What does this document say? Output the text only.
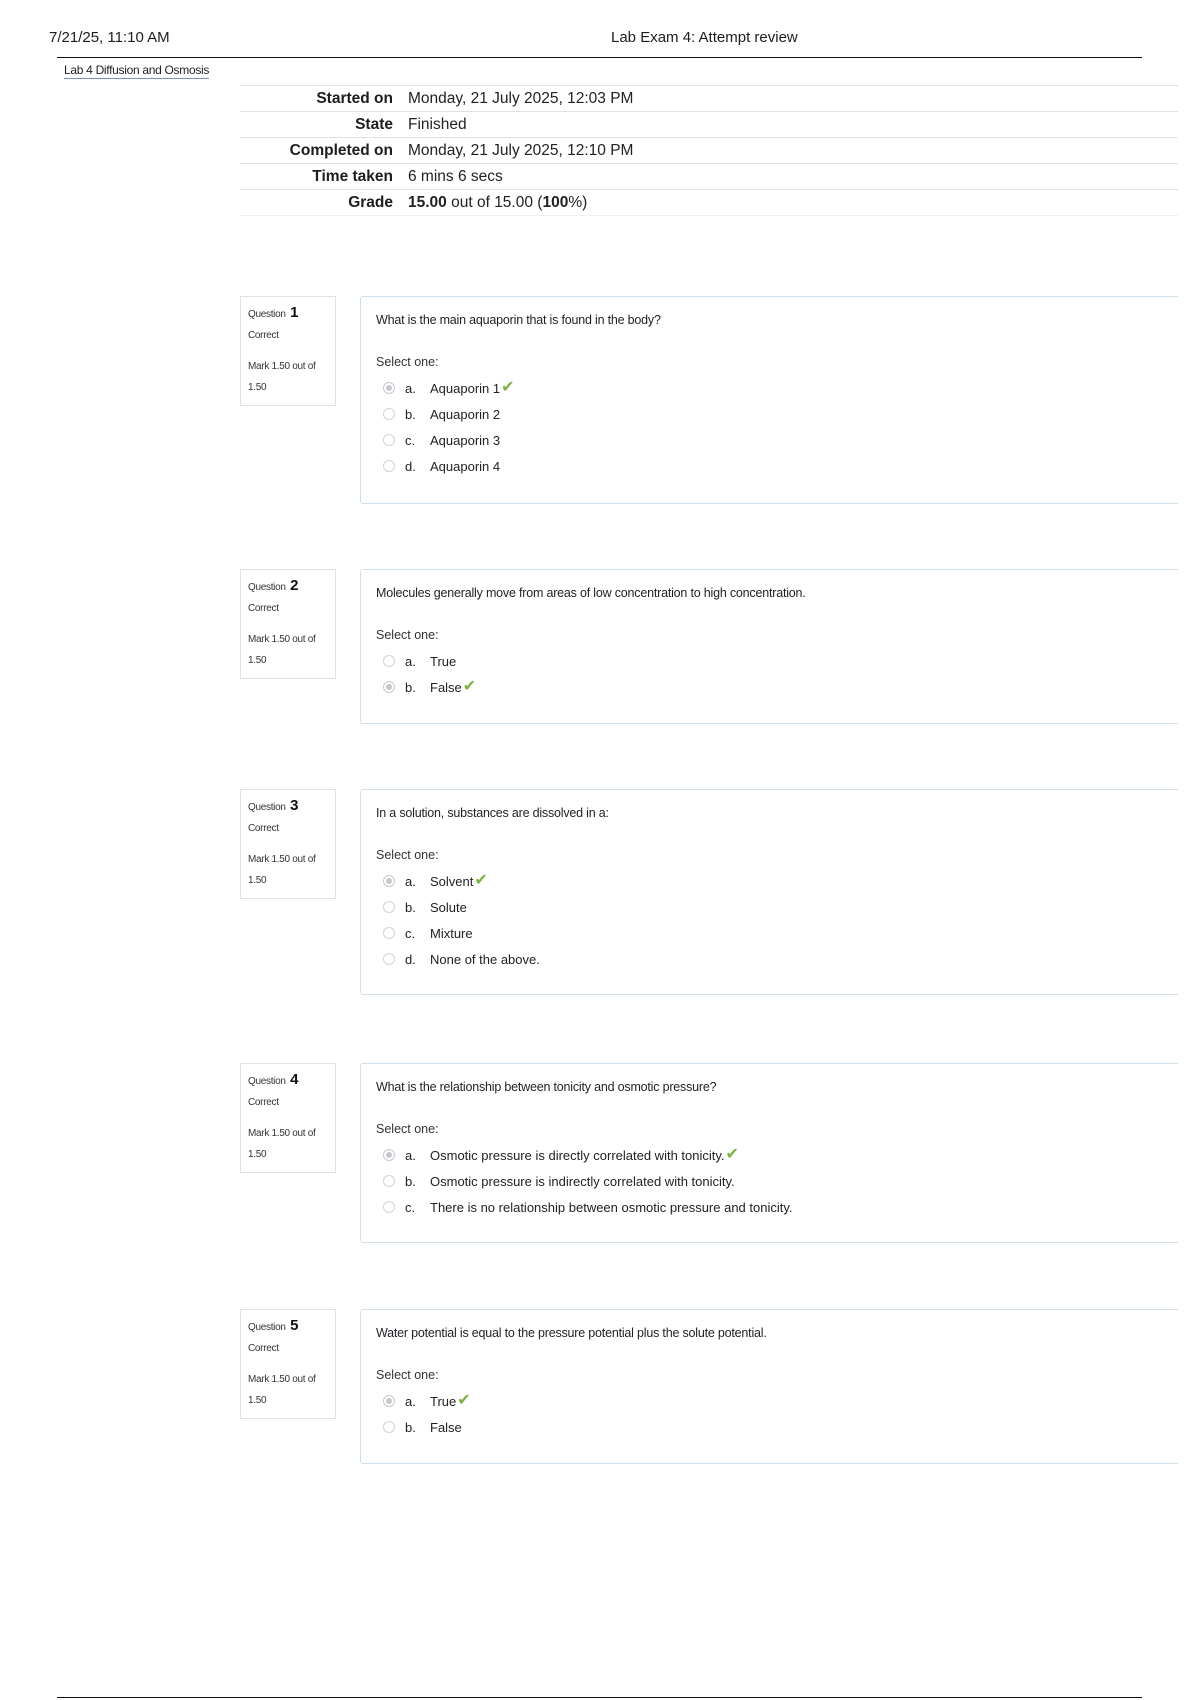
7/21/25, 11:10 AM	Lab Exam 4: Attempt review
Lab 4 Diffusion and Osmosis
Started on	Monday, 21 July 2025, 12:03 PM
State	Finished
Completed on	Monday, 21 July 2025, 12:10 PM
Time taken	6 mins 6 secs
Grade	15.00 out of 15.00 (100%)
Question 1
Correct
Mark 1.50 out of
1.50
What is the main aquaporin that is found in the body?
Select one:
a.	Aquaporin 1 ✔
b.	Aquaporin 2
c.	Aquaporin 3
d.	Aquaporin 4
Question 2
Correct
Mark 1.50 out of
1.50
Molecules generally move from areas of low concentration to high concentration.
Select one:
a.	True
b.	False ✔
Question 3
Correct
Mark 1.50 out of
1.50
In a solution, substances are dissolved in a:
Select one:
a.	Solvent ✔
b.	Solute
c.	Mixture
d.	None of the above.
Question 4
Correct
Mark 1.50 out of
1.50
What is the relationship between tonicity and osmotic pressure?
Select one:
a.	Osmotic pressure is directly correlated with tonicity. ✔
b.	Osmotic pressure is indirectly correlated with tonicity.
c.	There is no relationship between osmotic pressure and tonicity.
Question 5
Correct
Mark 1.50 out of
1.50
Water potential is equal to the pressure potential plus the solute potential.
Select one:
a.	True ✔
b.	False
